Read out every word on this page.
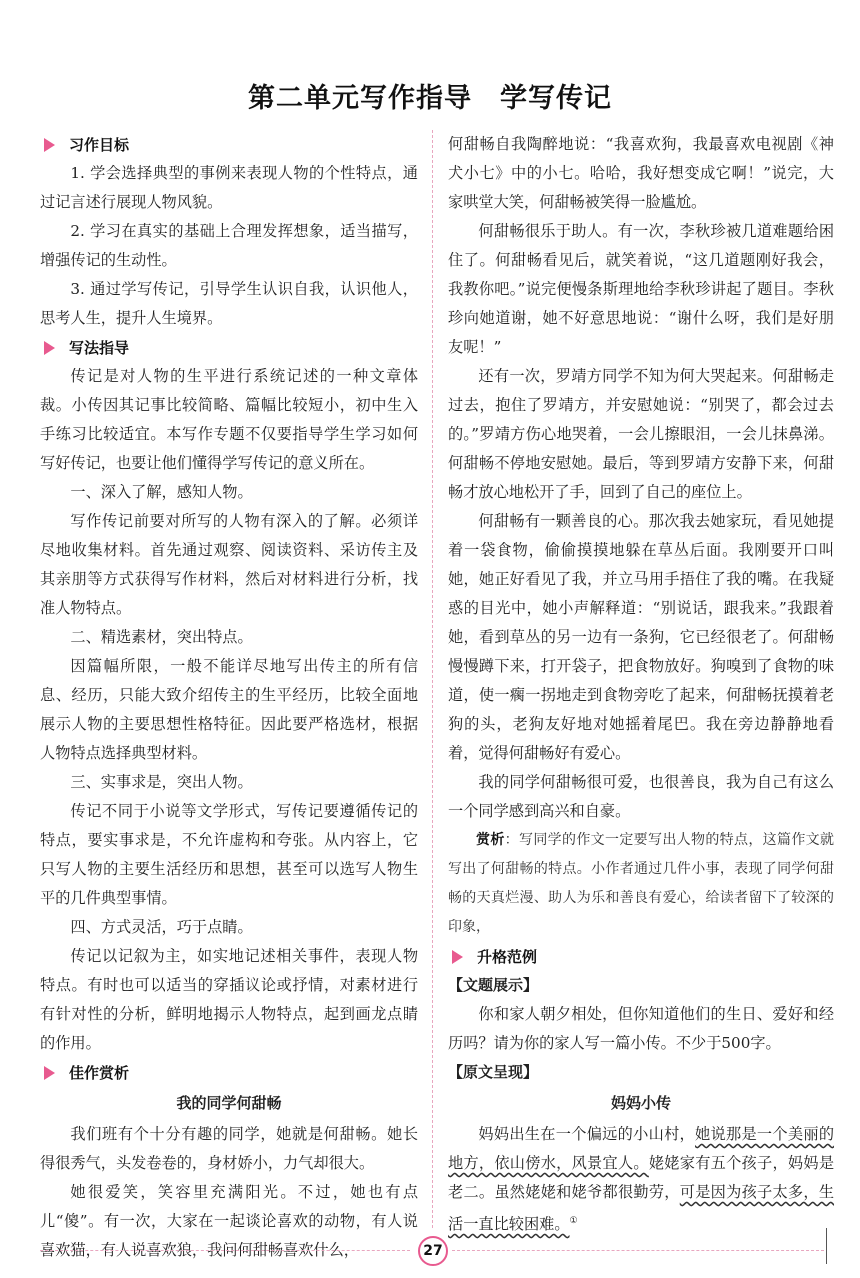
第二单元写作指导　学写传记
习作目标

1. 学会选择典型的事例来表现人物的个性特点，通过记言述行展现人物风貌。

2. 学习在真实的基础上合理发挥想象，适当描写，增强传记的生动性。

3. 通过学写传记，引导学生认识自我，认识他人，思考人生，提升人生境界。

写法指导

传记是对人物的生平进行系统记述的一种文章体裁。小传因其记事比较简略、篇幅比较短小，初中生入手练习比较适宜。本写作专题不仅要指导学生学习如何写好传记，也要让他们懂得学写传记的意义所在。

一、深入了解，感知人物。

写作传记前要对所写的人物有深入的了解。必须详尽地收集材料。首先通过观察、阅读资料、采访传主及其亲朋等方式获得写作材料，然后对材料进行分析，找准人物特点。

二、精选素材，突出特点。

因篇幅所限，一般不能详尽地写出传主的所有信息、经历，只能大致介绍传主的生平经历，比较全面地展示人物的主要思想性格特征。因此要严格选材，根据人物特点选择典型材料。

三、实事求是，突出人物。

传记不同于小说等文学形式，写传记要遵循传记的特点，要实事求是，不允许虚构和夸张。从内容上，它只写人物的主要生活经历和思想，甚至可以选写人物生平的几件典型事情。

四、方式灵活，巧于点睛。

传记以记叙为主，如实地记述相关事件，表现人物特点。有时也可以适当的穿插议论或抒情，对素材进行有针对性的分析，鲜明地揭示人物特点，起到画龙点睛的作用。

佳作赏析
我的同学何甜畅

我们班有个十分有趣的同学，她就是何甜畅。她长得很秀气，头发卷卷的，身材娇小，力气却很大。

她很爱笑，笑容里充满阳光。不过，她也有点儿“傻”。有一次，大家在一起谈论喜欢的动物，有人说喜欢猫，有人说喜欢狼，我问何甜畅喜欢什么，

何甜畅自我陶醉地说：“我喜欢狗，我最喜欢电视剧《神犬小七》中的小七。哈哈，我好想变成它啊！”说完，大家哄堂大笑，何甜畅被笑得一脸尴尬。

何甜畅很乐于助人。有一次，李秋珍被几道难题给困住了。何甜畅看见后，就笑着说，“这几道题刚好我会，我教你吧。”说完便慢条斯理地给李秋珍讲起了题目。李秋珍向她道谢，她不好意思地说：“谢什么呀，我们是好朋友呢！”

还有一次，罗靖方同学不知为何大哭起来。何甜畅走过去，抱住了罗靖方，并安慰她说：“别哭了，都会过去的。”罗靖方伤心地哭着，一会儿擦眼泪，一会儿抹鼻涕。何甜畅不停地安慰她。最后，等到罗靖方安静下来，何甜畅才放心地松开了手，回到了自己的座位上。

何甜畅有一颗善良的心。那次我去她家玩，看见她提着一袋食物，偷偷摸摸地躲在草丛后面。我刚要开口叫她，她正好看见了我，并立马用手捂住了我的嘴。在我疑惑的目光中，她小声解释道：“别说话，跟我来。”我跟着她，看到草丛的另一边有一条狗，它已经很老了。何甜畅慢慢蹲下来，打开袋子，把食物放好。狗嗅到了食物的味道，使一瘸一拐地走到食物旁吃了起来，何甜畅抚摸着老狗的头，老狗友好地对她摇着尾巴。我在旁边静静地看着，觉得何甜畅好有爱心。

我的同学何甜畅很可爱，也很善良，我为自己有这么一个同学感到高兴和自豪。

赏析：写同学的作文一定要写出人物的特点，这篇作文就写出了何甜畅的特点。小作者通过几件小事，表现了同学何甜畅的天真烂漫、助人为乐和善良有爱心，给读者留下了较深的印象，

升格范例
【文题展示】

你和家人朝夕相处，但你知道他们的生日、爱好和经历吗？请为你的家人写一篇小传。不少于500字。

【原文呈现】
妈妈小传

妈妈出生在一个偏远的小山村，她说那是一个美丽的地方，依山傍水，风景宜人。姥姥家有五个孩子，妈妈是老二。虽然姥姥和姥爷都很勤劳，可是因为孩子太多，生活一直比较困难。①

27
